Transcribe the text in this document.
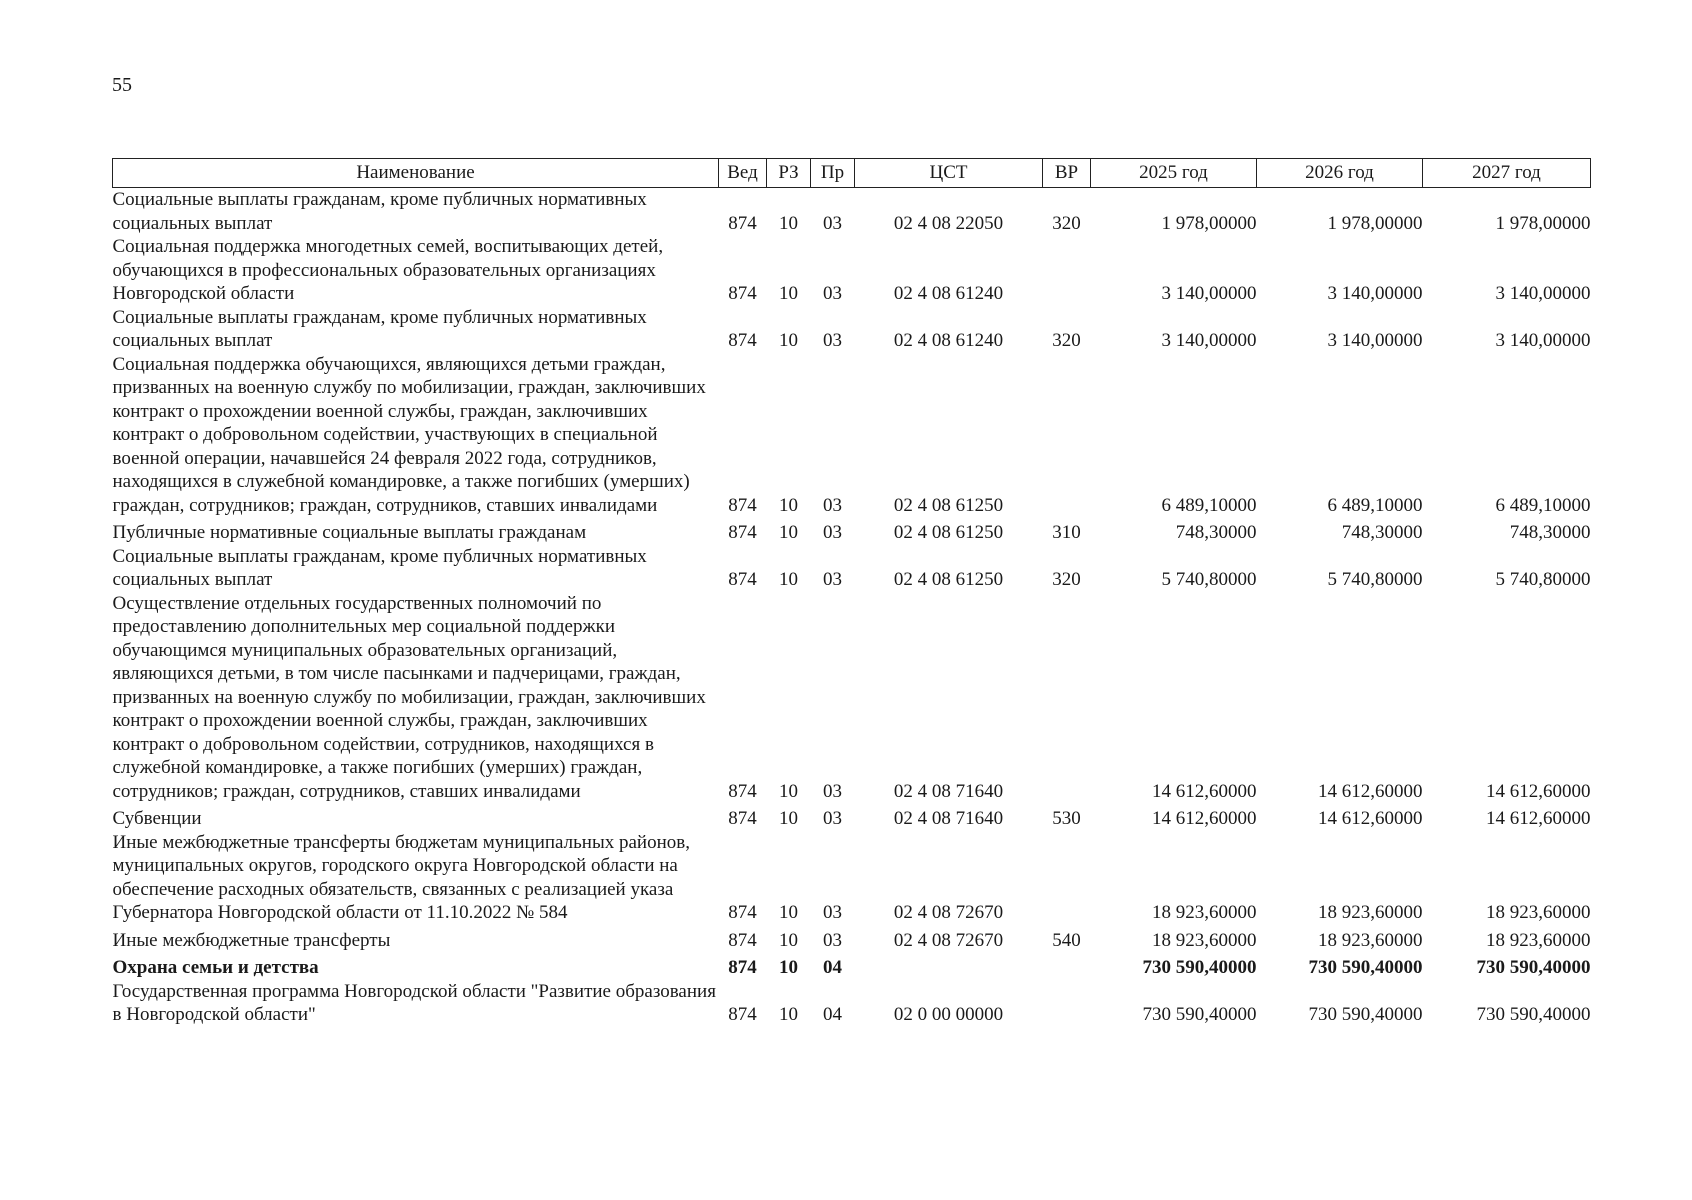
55
Наименование	Вед	РЗ	Пр	ЦСТ	ВР	2025 год	2026 год	2027 год
Социальные выплаты гражданам, кроме публичных нормативных социальных выплат	874	10	03	02 4 08 22050	320	1 978,00000	1 978,00000	1 978,00000
Социальная поддержка многодетных семей, воспитывающих детей, обучающихся в профессиональных образовательных организациях Новгородской области	874	10	03	02 4 08 61240		3 140,00000	3 140,00000	3 140,00000
Социальные выплаты гражданам, кроме публичных нормативных социальных выплат	874	10	03	02 4 08 61240	320	3 140,00000	3 140,00000	3 140,00000
Социальная поддержка обучающихся, являющихся детьми граждан, призванных на военную службу по мобилизации, граждан, заключивших контракт о прохождении военной службы, граждан, заключивших контракт о добровольном содействии, участвующих в специальной военной операции, начавшейся 24 февраля 2022 года, сотрудников, находящихся в служебной командировке, а также погибших (умерших) граждан, сотрудников; граждан, сотрудников, ставших инвалидами	874	10	03	02 4 08 61250		6 489,10000	6 489,10000	6 489,10000
Публичные нормативные социальные выплаты гражданам	874	10	03	02 4 08 61250	310	748,30000	748,30000	748,30000
Социальные выплаты гражданам, кроме публичных нормативных социальных выплат	874	10	03	02 4 08 61250	320	5 740,80000	5 740,80000	5 740,80000
Осуществление отдельных государственных полномочий по предоставлению дополнительных мер социальной поддержки обучающимся муниципальных образовательных организаций, являющихся детьми, в том числе пасынками и падчерицами, граждан, призванных на военную службу по мобилизации, граждан, заключивших контракт о прохождении военной службы, граждан, заключивших контракт о добровольном содействии, сотрудников, находящихся в служебной командировке, а также погибших (умерших) граждан, сотрудников; граждан, сотрудников, ставших инвалидами	874	10	03	02 4 08 71640		14 612,60000	14 612,60000	14 612,60000
Субвенции	874	10	03	02 4 08 71640	530	14 612,60000	14 612,60000	14 612,60000
Иные межбюджетные трансферты бюджетам муниципальных районов, муниципальных округов, городского округа Новгородской области на обеспечение расходных обязательств, связанных с реализацией указа Губернатора Новгородской области от 11.10.2022 № 584	874	10	03	02 4 08 72670		18 923,60000	18 923,60000	18 923,60000
Иные межбюджетные трансферты	874	10	03	02 4 08 72670	540	18 923,60000	18 923,60000	18 923,60000
Охрана семьи и детства	874	10	04			730 590,40000	730 590,40000	730 590,40000
Государственная программа Новгородской области "Развитие образования в Новгородской области"	874	10	04	02 0 00 00000		730 590,40000	730 590,40000	730 590,40000
